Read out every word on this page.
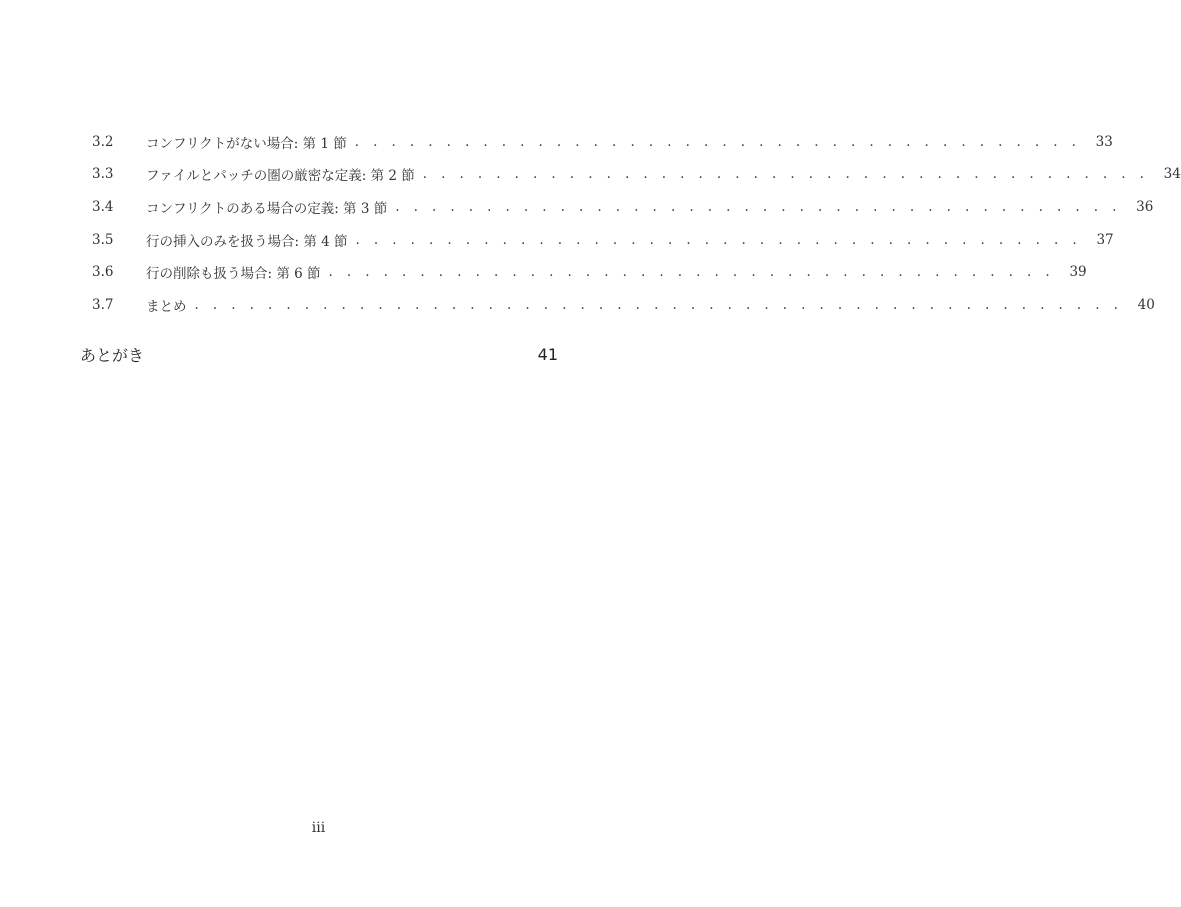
3.2	コンフリクトがない場合: 第 1 節 . . . . . . . . . . . . . . . . . . . . . . . . . . . . . . . . . . . . . . . .	33
3.3	ファイルとパッチの圏の厳密な定義: 第 2 節 . . . . . . . . . . . . . . . . . . . . . . . . . . . . . . . . . . . . . . . .	34
3.4	コンフリクトのある場合の定義: 第 3 節 . . . . . . . . . . . . . . . . . . . . . . . . . . . . . . . . . . . . . . . .	36
3.5	行の挿入のみを扱う場合: 第 4 節 . . . . . . . . . . . . . . . . . . . . . . . . . . . . . . . . . . . . . . . .	37
3.6	行の削除も扱う場合: 第 6 節 . . . . . . . . . . . . . . . . . . . . . . . . . . . . . . . . . . . . . . . .	39
3.7	まとめ . . . . . . . . . . . . . . . . . . . . . . . . . . . . . . . . . . . . . . . . . . . . . . . . . . .	40
あとがき	41
iii
